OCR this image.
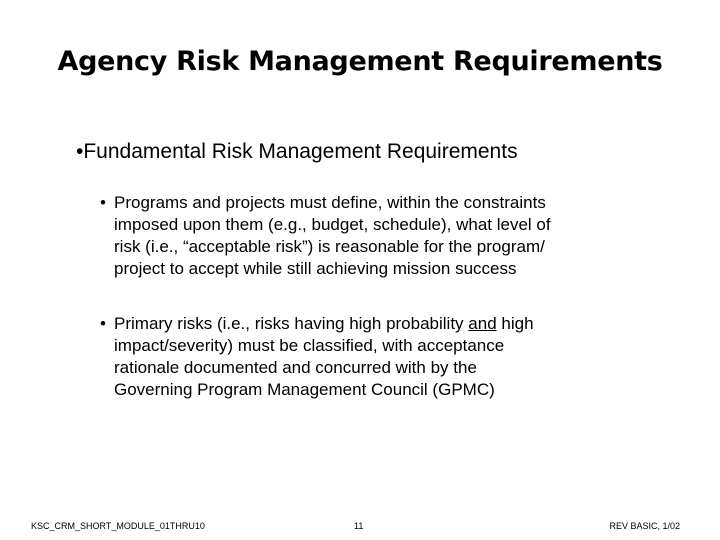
Agency Risk Management Requirements
•Fundamental Risk Management Requirements
• Programs and projects must define, within the constraints
imposed upon them (e.g., budget, schedule), what level of
risk (i.e., “acceptable risk”) is reasonable for the program/
project to accept while still achieving mission success
• Primary risks (i.e., risks having high probability and high
impact/severity) must be classified, with acceptance
rationale documented and concurred with by the
Governing Program Management Council (GPMC)
KSC_CRM_SHORT_MODULE_01THRU10	11	REV BASIC, 1/02
